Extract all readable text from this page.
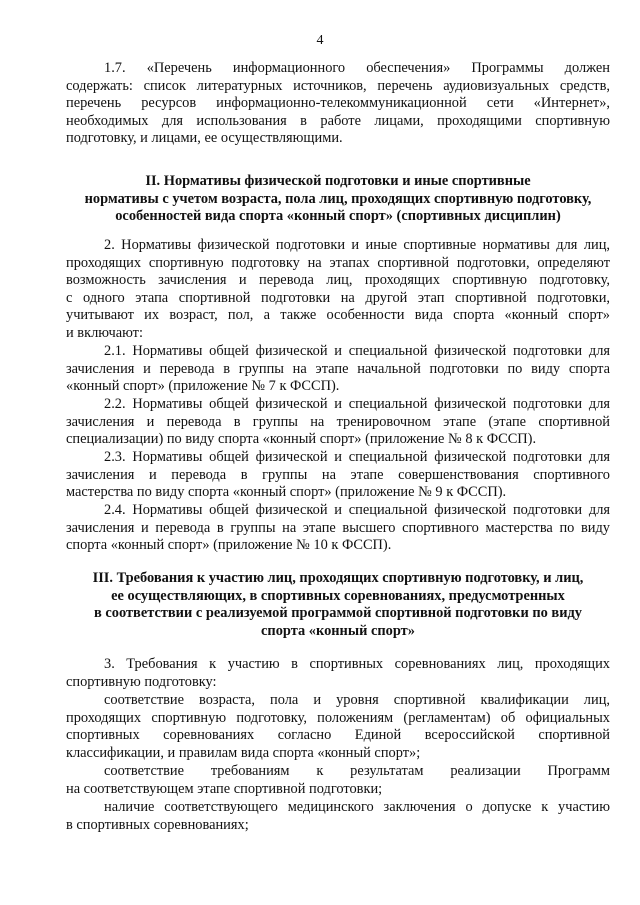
4
1.7. «Перечень информационного обеспечения» Программы должен
содержать: список литературных источников, перечень аудиовизуальных средств,
перечень ресурсов информационно-телекоммуникационной сети «Интернет»,
необходимых для использования в работе лицами, проходящими спортивную
подготовку, и лицами, ее осуществляющими.
II. Нормативы физической подготовки и иные спортивные
нормативы с учетом возраста, пола лиц, проходящих спортивную подготовку,
особенностей вида спорта «конный спорт» (спортивных дисциплин)
2. Нормативы физической подготовки и иные спортивные нормативы для лиц,
проходящих спортивную подготовку на этапах спортивной подготовки, определяют
возможность зачисления и перевода лиц, проходящих спортивную подготовку,
с одного этапа спортивной подготовки на другой этап спортивной подготовки,
учитывают их возраст, пол, а также особенности вида спорта «конный спорт»
и включают:
2.1. Нормативы общей физической и специальной физической подготовки для
зачисления и перевода в группы на этапе начальной подготовки по виду спорта
«конный спорт» (приложение № 7 к ФССП).
2.2. Нормативы общей физической и специальной физической подготовки для
зачисления и перевода в группы на тренировочном этапе (этапе спортивной
специализации) по виду спорта «конный спорт» (приложение № 8 к ФССП).
2.3. Нормативы общей физической и специальной физической подготовки для
зачисления и перевода в группы на этапе совершенствования спортивного
мастерства по виду спорта «конный спорт» (приложение № 9 к ФССП).
2.4. Нормативы общей физической и специальной физической подготовки для
зачисления и перевода в группы на этапе высшего спортивного мастерства по виду
спорта «конный спорт» (приложение № 10 к ФССП).
III. Требования к участию лиц, проходящих спортивную подготовку, и лиц,
ее осуществляющих, в спортивных соревнованиях, предусмотренных
в соответствии с реализуемой программой спортивной подготовки по виду
спорта «конный спорт»
3. Требования к участию в спортивных соревнованиях лиц, проходящих
спортивную подготовку:
соответствие возраста, пола и уровня спортивной квалификации лиц,
проходящих спортивную подготовку, положениям (регламентам) об официальных
спортивных соревнованиях согласно Единой всероссийской спортивной
классификации, и правилам вида спорта «конный спорт»;
соответствие требованиям к результатам реализации Программ
на соответствующем этапе спортивной подготовки;
наличие соответствующего медицинского заключения о допуске к участию
в спортивных соревнованиях;
